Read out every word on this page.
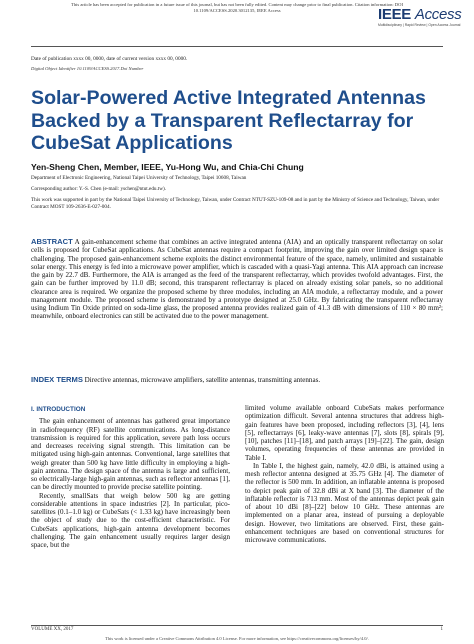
This article has been accepted for publication in a future issue of this journal, but has not been fully edited. Content may change prior to final publication. Citation information: DOI
10.1109/ACCESS.2020.3012135, IEEE Access	IEEE Access
Multidisciplinary | Rapid Review | Open Access Journal
Date of publication xxxx 00, 0000, date of current version xxxx 00, 0000.
Digital Object Identifier 10.1109/ACCESS.2017.Doi Number
Solar-Powered Active Integrated Antennas Backed by a Transparent Reflectarray for CubeSat Applications
Yen-Sheng Chen, Member, IEEE, Yu-Hong Wu, and Chia-Chi Chung
Department of Electronic Engineering, National Taipei University of Technology, Taipei 10608, Taiwan
Corresponding author: Y.-S. Chen (e-mail: yschen@ntut.edu.tw).
This work was supported in part by the National Taipei University of Technology, Taiwan, under Contract NTUT-SZU-109-08 and in part by the Ministry of Science and Technology, Taiwan, under Contract MOST 109-2636-E-027-004.
ABSTRACT A gain-enhancement scheme that combines an active integrated antenna (AIA) and an optically transparent reflectarray on solar cells is proposed for CubeSat applications. As CubeSat antennas require a compact footprint, improving the gain over limited design space is challenging. The proposed gain-enhancement scheme exploits the distinct environmental feature of the space, namely, unlimited and sustainable solar energy. This energy is fed into a microwave power amplifier, which is cascaded with a quasi-Yagi antenna. This AIA approach can increase the gain by 22.7 dB. Furthermore, the AIA is arranged as the feed of the transparent reflectarray, which provides twofold advantages. First, the gain can be further improved by 11.0 dB; second, this transparent reflectarray is placed on already existing solar panels, so no additional clearance area is required. We organize the proposed scheme by three modules, including an AIA module, a reflectarray module, and a power management module. The proposed scheme is demonstrated by a prototype designed at 25.0 GHz. By fabricating the transparent reflectarray using Indium Tin Oxide printed on soda-lime glass, the proposed antenna provides realized gain of 41.3 dB with dimensions of 110 × 80 mm²; meanwhile, onboard electronics can still be activated due to the power management.
INDEX TERMS Directive antennas, microwave amplifiers, satellite antennas, transmitting antennas.
I. INTRODUCTION

The gain enhancement of antennas has gathered great importance in radiofrequency (RF) satellite communications. As long-distance transmission is required for this application, severe path loss occurs and decreases receiving signal strength. This limitation can be mitigated using high-gain antennas. Conventional, large satellites that weigh greater than 500 kg have little difficulty in employing a high-gain antenna. The design space of the antenna is large and sufficient, so electrically-large high-gain antennas, such as reflector antennas [1], can be directly mounted to provide precise satellite pointing.

Recently, smallSats that weigh below 500 kg are getting considerable attentions in space industries [2]. In particular, pico-satellites (0.1–1.0 kg) or CubeSats (< 1.33 kg) have increasingly been the object of study due to the cost-efficient characteristic. For CubeSats applications, high-gain antenna development becomes challenging. The gain enhancement usually requires larger design space, but the

limited volume available onboard CubeSats makes performance optimization difficult. Several antenna structures that address high-gain features have been proposed, including reflectors [3], [4], lens [5], reflectarrays [6], leaky-wave antennas [7], slots [8], spirals [9], [10], patches [11]–[18], and patch arrays [19]–[22]. The gain, design volumes, operating frequencies of these antennas are provided in Table I.

In Table I, the highest gain, namely, 42.0 dBi, is attained using a mesh reflector antenna designed at 35.75 GHz [4]. The diameter of the reflector is 500 mm. In addition, an inflatable antenna is proposed to depict peak gain of 32.8 dBi at X band [3]. The diameter of the inflatable reflector is 713 mm. Most of the antennas depict peak gain of about 10 dBi [8]–[22] below 10 GHz. These antennas are implemented on a planar area, instead of pursuing a deployable design. However, two limitations are observed. First, these gain-enhancement techniques are based on conventional structures for microwave communications.

VOLUME XX, 2017	1
This work is licensed under a Creative Commons Attribution 4.0 License. For more information, see https://creativecommons.org/licenses/by/4.0/.
